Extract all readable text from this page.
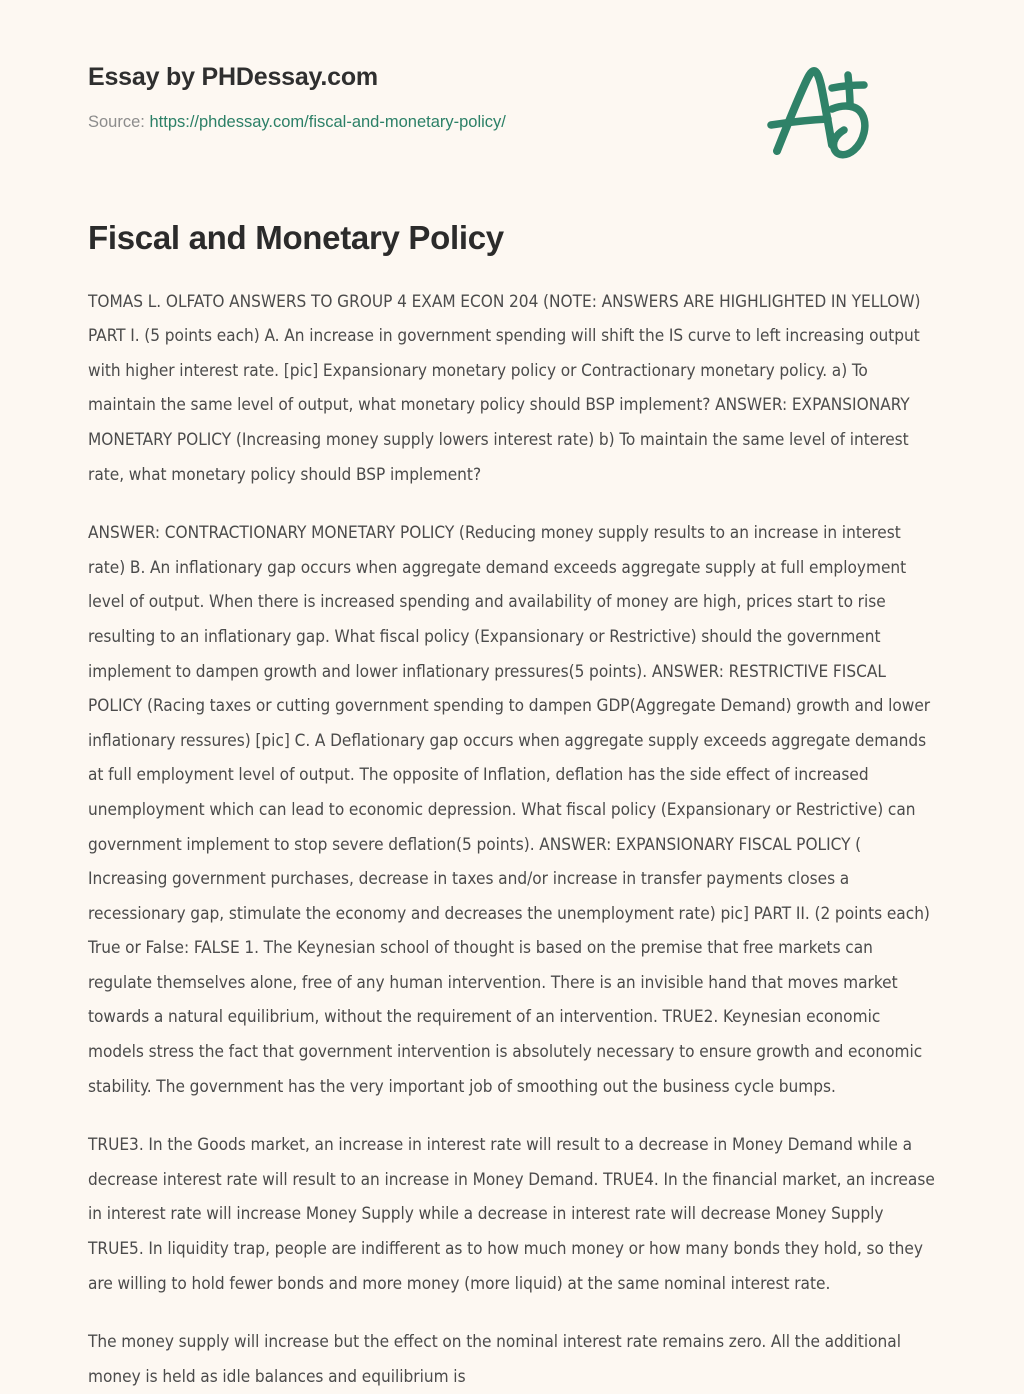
Essay by PHDessay.com
Source: https://phdessay.com/fiscal-and-monetary-policy/
Fiscal and Monetary Policy

TOMAS L. OLFATO ANSWERS TO GROUP 4 EXAM ECON 204 (NOTE: ANSWERS ARE HIGHLIGHTED IN YELLOW) PART I. (5 points each) A. An increase in government spending will shift the IS curve to left increasing output with higher interest rate. [pic] Expansionary monetary policy or Contractionary monetary policy. a) To maintain the same level of output, what monetary policy should BSP implement? ANSWER: EXPANSIONARY MONETARY POLICY (Increasing money supply lowers interest rate) b) To maintain the same level of interest rate, what monetary policy should BSP implement?

ANSWER: CONTRACTIONARY MONETARY POLICY (Reducing money supply results to an increase in interest rate) B. An inflationary gap occurs when aggregate demand exceeds aggregate supply at full employment level of output. When there is increased spending and availability of money are high, prices start to rise resulting to an inflationary gap. What fiscal policy (Expansionary or Restrictive) should the government implement to dampen growth and lower inflationary pressures(5 points). ANSWER: RESTRICTIVE FISCAL POLICY (Racing taxes or cutting government spending to dampen GDP(Aggregate Demand) growth and lower inflationary ressures) [pic] C. A Deflationary gap occurs when aggregate supply exceeds aggregate demands at full employment level of output. The opposite of Inflation, deflation has the side effect of increased unemployment which can lead to economic depression. What fiscal policy (Expansionary or Restrictive) can government implement to stop severe deflation(5 points). ANSWER: EXPANSIONARY FISCAL POLICY ( Increasing government purchases, decrease in taxes and/or increase in transfer payments closes a recessionary gap, stimulate the economy and decreases the unemployment rate) pic] PART II. (2 points each) True or False: FALSE 1. The Keynesian school of thought is based on the premise that free markets can regulate themselves alone, free of any human intervention. There is an invisible hand that moves market towards a natural equilibrium, without the requirement of an intervention. TRUE2. Keynesian economic models stress the fact that government intervention is absolutely necessary to ensure growth and economic stability. The government has the very important job of smoothing out the business cycle bumps.

TRUE3. In the Goods market, an increase in interest rate will result to a decrease in Money Demand while a decrease interest rate will result to an increase in Money Demand. TRUE4. In the financial market, an increase in interest rate will increase Money Supply while a decrease in interest rate will decrease Money Supply TRUE5. In liquidity trap, people are indifferent as to how much money or how many bonds they hold, so they are willing to hold fewer bonds and more money (more liquid) at the same nominal interest rate.

The money supply will increase but the effect on the nominal interest rate remains zero. All the additional money is held as idle balances and equilibrium is
